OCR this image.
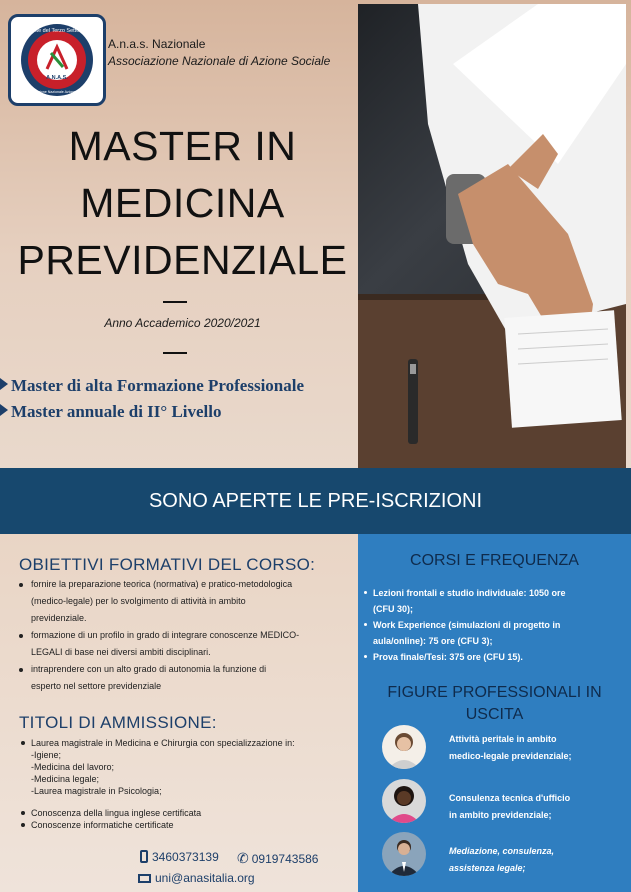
Ente del Terzo Settore
A.N.A.S.
Associazione Nazionale Azione Sociale
A.n.a.s. Nazionale
Associazione Nazionale di Azione Sociale
MASTER IN
MEDICINA
PREVIDENZIALE
Anno Accademico 2020/2021
Master di alta Formazione Professionale
Master annuale di II° Livello
SONO APERTE LE PRE-ISCRIZIONI
OBIETTIVI FORMATIVI DEL CORSO:
fornire la preparazione teorica (normativa) e pratico-metodologica (medico-legale) per lo svolgimento di attività in ambito previdenziale.
formazione di un profilo in grado di integrare conoscenze MEDICO-LEGALI di base nei diversi ambiti disciplinari.
intraprendere con un alto grado di autonomia la funzione di esperto nel settore previdenziale
TITOLI DI AMMISSIONE:
Laurea magistrale in Medicina e Chirurgia con specializzazione in:
-Igiene;
-Medicina del lavoro;
-Medicina legale;
-Laurea magistrale in Psicologia;
Conoscenza della lingua inglese certificata
Conoscenze informatiche certificate
3460373139 ✆ 0919743586
uni@anasitalia.org
CORSI E FREQUENZA
Lezioni frontali e studio individuale: 1050 ore (CFU 30);
Work Experience (simulazioni di progetto in aula/online): 75 ore (CFU 3);
Prova finale/Tesi: 375 ore (CFU 15).
FIGURE PROFESSIONALI IN
USCITA
Attività peritale in ambito
medico-legale previdenziale;
Consulenza tecnica d'ufficio
in ambito previdenziale;
Mediazione, consulenza,
assistenza legale;
